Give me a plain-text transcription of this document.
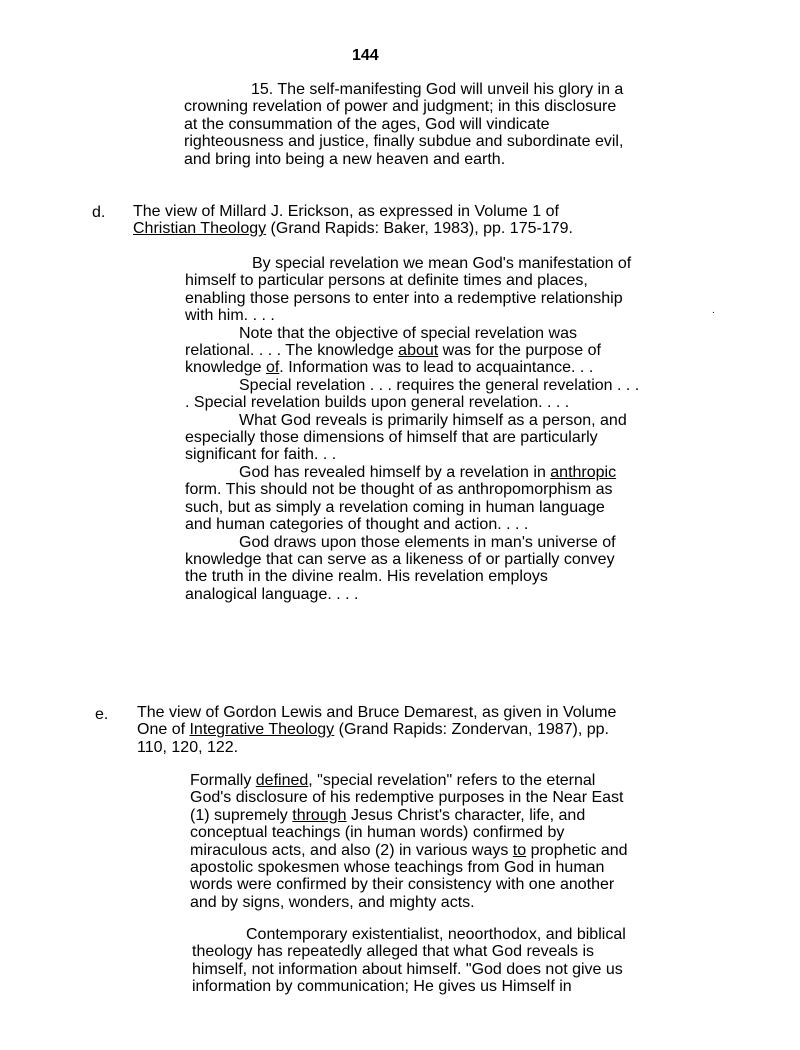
144
15. The self-manifesting God will unveil his glory in a
crowning revelation of power and judgment; in this disclosure
at the consummation of the ages, God will vindicate
righteousness and justice, finally subdue and subordinate evil,
and bring into being a new heaven and earth.
d. The view of Millard J. Erickson, as expressed in Volume 1 of
Christian Theology (Grand Rapids: Baker, 1983), pp. 175-179.
By special revelation we mean God's manifestation of
himself to particular persons at definite times and places,
enabling those persons to enter into a redemptive relationship
with him. . . .
Note that the objective of special revelation was
relational. . . . The knowledge about was for the purpose of
knowledge of. Information was to lead to acquaintance. . .
Special revelation . . . requires the general revelation . . .
. Special revelation builds upon general revelation. . . .
What God reveals is primarily himself as a person, and
especially those dimensions of himself that are particularly
significant for faith. . .
God has revealed himself by a revelation in anthropic
form. This should not be thought of as anthropomorphism as
such, but as simply a revelation coming in human language
and human categories of thought and action. . . .
God draws upon those elements in man's universe of
knowledge that can serve as a likeness of or partially convey
the truth in the divine realm. His revelation employs
analogical language. . . .
.
e. The view of Gordon Lewis and Bruce Demarest, as given in Volume
One of Integrative Theology (Grand Rapids: Zondervan, 1987), pp.
110, 120, 122.
Formally defined, "special revelation" refers to the eternal
God's disclosure of his redemptive purposes in the Near East
(1) supremely through Jesus Christ's character, life, and
conceptual teachings (in human words) confirmed by
miraculous acts, and also (2) in various ways to prophetic and
apostolic spokesmen whose teachings from God in human
words were confirmed by their consistency with one another
and by signs, wonders, and mighty acts.
Contemporary existentialist, neoorthodox, and biblical
theology has repeatedly alleged that what God reveals is
himself, not information about himself. "God does not give us
information by communication; He gives us Himself in
